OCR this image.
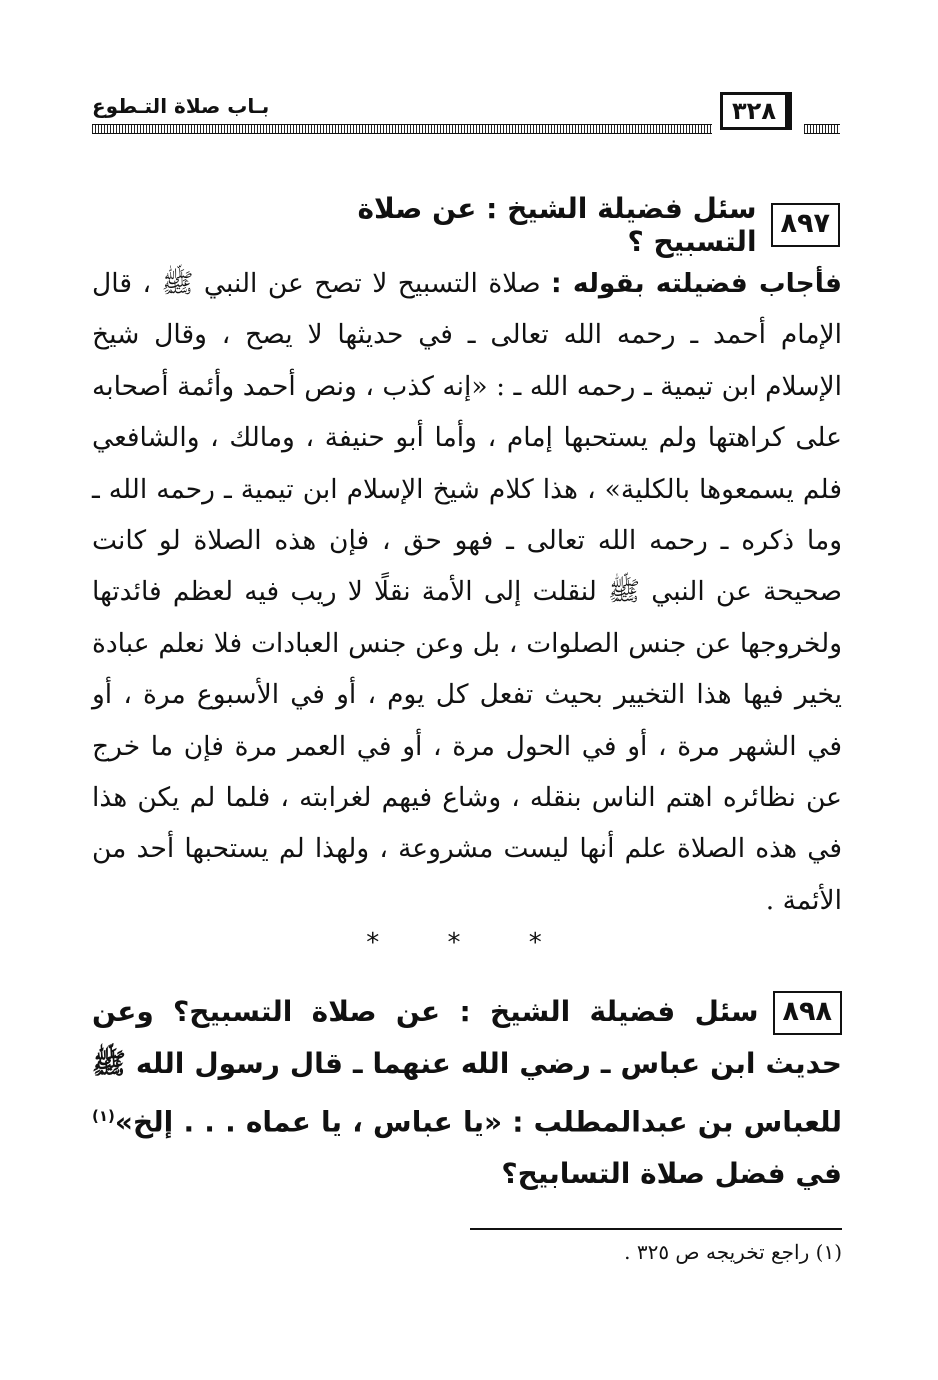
بـاب صلاة التـطوع	٣٢٨
٨٩٧
سئل فضيلة الشيخ : عن صلاة التسبيح ؟

فأجاب فضيلته بقوله : صلاة التسبيح لا تصح عن النبي ﷺ ، قال الإمام أحمد ـ رحمه الله تعالى ـ في حديثها لا يصح ، وقال شيخ الإسلام ابن تيمية ـ رحمه الله ـ : «إنه كذب ، ونص أحمد وأئمة أصحابه على كراهتها ولم يستحبها إمام ، وأما أبو حنيفة ، ومالك ، والشافعي فلم يسمعوها بالكلية» ، هذا كلام شيخ الإسلام ابن تيمية ـ رحمه الله ـ وما ذكره ـ رحمه الله تعالى ـ فهو حق ، فإن هذه الصلاة لو كانت صحيحة عن النبي ﷺ لنقلت إلى الأمة نقلًا لا ريب فيه لعظم فائدتها ولخروجها عن جنس الصلوات ، بل وعن جنس العبادات فلا نعلم عبادة يخير فيها هذا التخيير بحيث تفعل كل يوم ، أو في الأسبوع مرة ، أو في الشهر مرة ، أو في الحول مرة ، أو في العمر مرة فإن ما خرج عن نظائره اهتم الناس بنقله ، وشاع فيهم لغرابته ، فلما لم يكن هذا في هذه الصلاة علم أنها ليست مشروعة ، ولهذا لم يستحبها أحد من الأئمة .

* * *

٨٩٨سئل فضيلة الشيخ : عن صلاة التسبيح؟ وعن حديث ابن عباس ـ رضي الله عنهما ـ قال رسول الله ﷺ للعباس بن عبدالمطلب : «يا عباس ، يا عماه . . . إلخ»$^{(١)}$ في فضل صلاة التسابيح؟

(١) راجع تخريجه ص ٣٢٥ .
